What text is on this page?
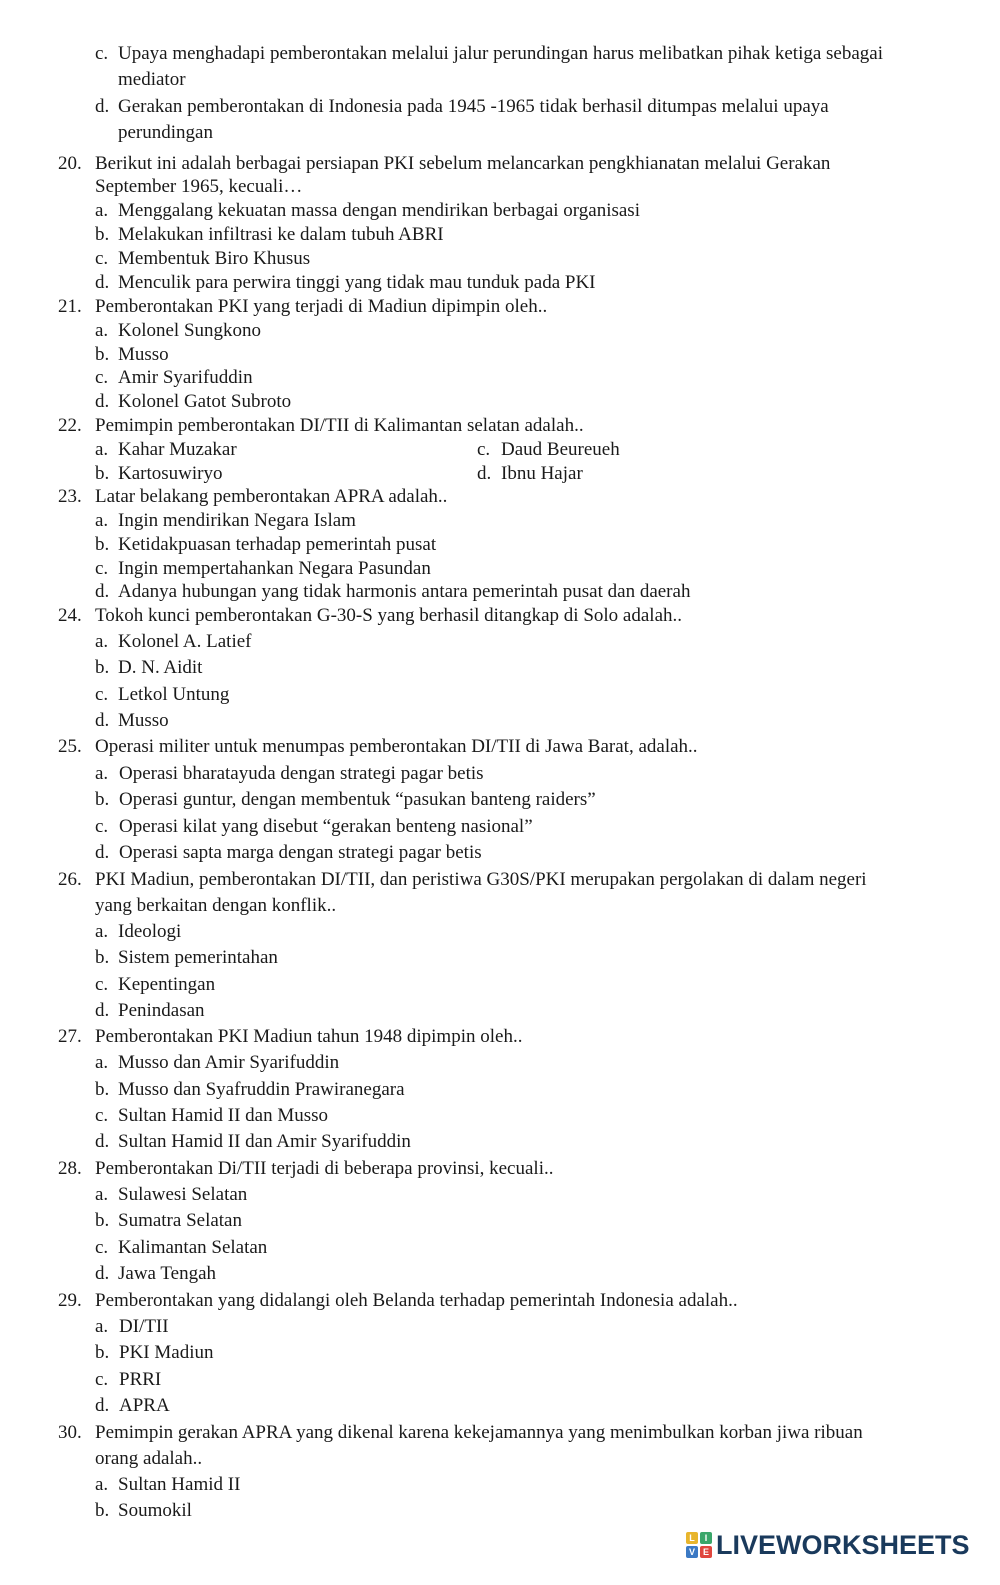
c. Upaya menghadapi pemberontakan melalui jalur perundingan harus melibatkan pihak ketiga sebagai
mediator
d. Gerakan pemberontakan di Indonesia pada 1945 -1965 tidak berhasil ditumpas melalui upaya
perundingan
20. Berikut ini adalah berbagai persiapan PKI sebelum melancarkan pengkhianatan melalui Gerakan
September 1965, kecuali…
a. Menggalang kekuatan massa dengan mendirikan berbagai organisasi
b. Melakukan infiltrasi ke dalam tubuh ABRI
c. Membentuk Biro Khusus
d. Menculik para perwira tinggi yang tidak mau tunduk pada PKI
21. Pemberontakan PKI yang terjadi di Madiun dipimpin oleh..
a. Kolonel Sungkono
b. Musso
c. Amir Syarifuddin
d. Kolonel Gatot Subroto
22. Pemimpin pemberontakan DI/TII di Kalimantan selatan adalah..
a. Kahar Muzakar	c. Daud Beureueh
b. Kartosuwiryo	d. Ibnu Hajar
23. Latar belakang pemberontakan APRA adalah..
a. Ingin mendirikan Negara Islam
b. Ketidakpuasan terhadap pemerintah pusat
c. Ingin mempertahankan Negara Pasundan
d. Adanya hubungan yang tidak harmonis antara pemerintah pusat dan daerah
24. Tokoh kunci pemberontakan G-30-S yang berhasil ditangkap di Solo adalah..
a. Kolonel A. Latief
b. D. N. Aidit
c. Letkol Untung
d. Musso
25. Operasi militer untuk menumpas pemberontakan DI/TII di Jawa Barat, adalah..
a. Operasi bharatayuda dengan strategi pagar betis
b. Operasi guntur, dengan membentuk “pasukan banteng raiders”
c. Operasi kilat yang disebut “gerakan benteng nasional”
d. Operasi sapta marga dengan strategi pagar betis
26. PKI Madiun, pemberontakan DI/TII, dan peristiwa G30S/PKI merupakan pergolakan di dalam negeri
yang berkaitan dengan konflik..
a. Ideologi
b. Sistem pemerintahan
c. Kepentingan
d. Penindasan
27. Pemberontakan PKI Madiun tahun 1948 dipimpin oleh..
a. Musso dan Amir Syarifuddin
b. Musso dan Syafruddin Prawiranegara
c. Sultan Hamid II dan Musso
d. Sultan Hamid II dan Amir Syarifuddin
28. Pemberontakan Di/TII terjadi di beberapa provinsi, kecuali..
a. Sulawesi Selatan
b. Sumatra Selatan
c. Kalimantan Selatan
d. Jawa Tengah
29. Pemberontakan yang didalangi oleh Belanda terhadap pemerintah Indonesia adalah..
a. DI/TII
b. PKI Madiun
c. PRRI
d. APRA
30. Pemimpin gerakan APRA yang dikenal karena kekejamannya yang menimbulkan korban jiwa ribuan
orang adalah..
a. Sultan Hamid II
b. Soumokil
L	I
V E LIVEWORKSHEETS
